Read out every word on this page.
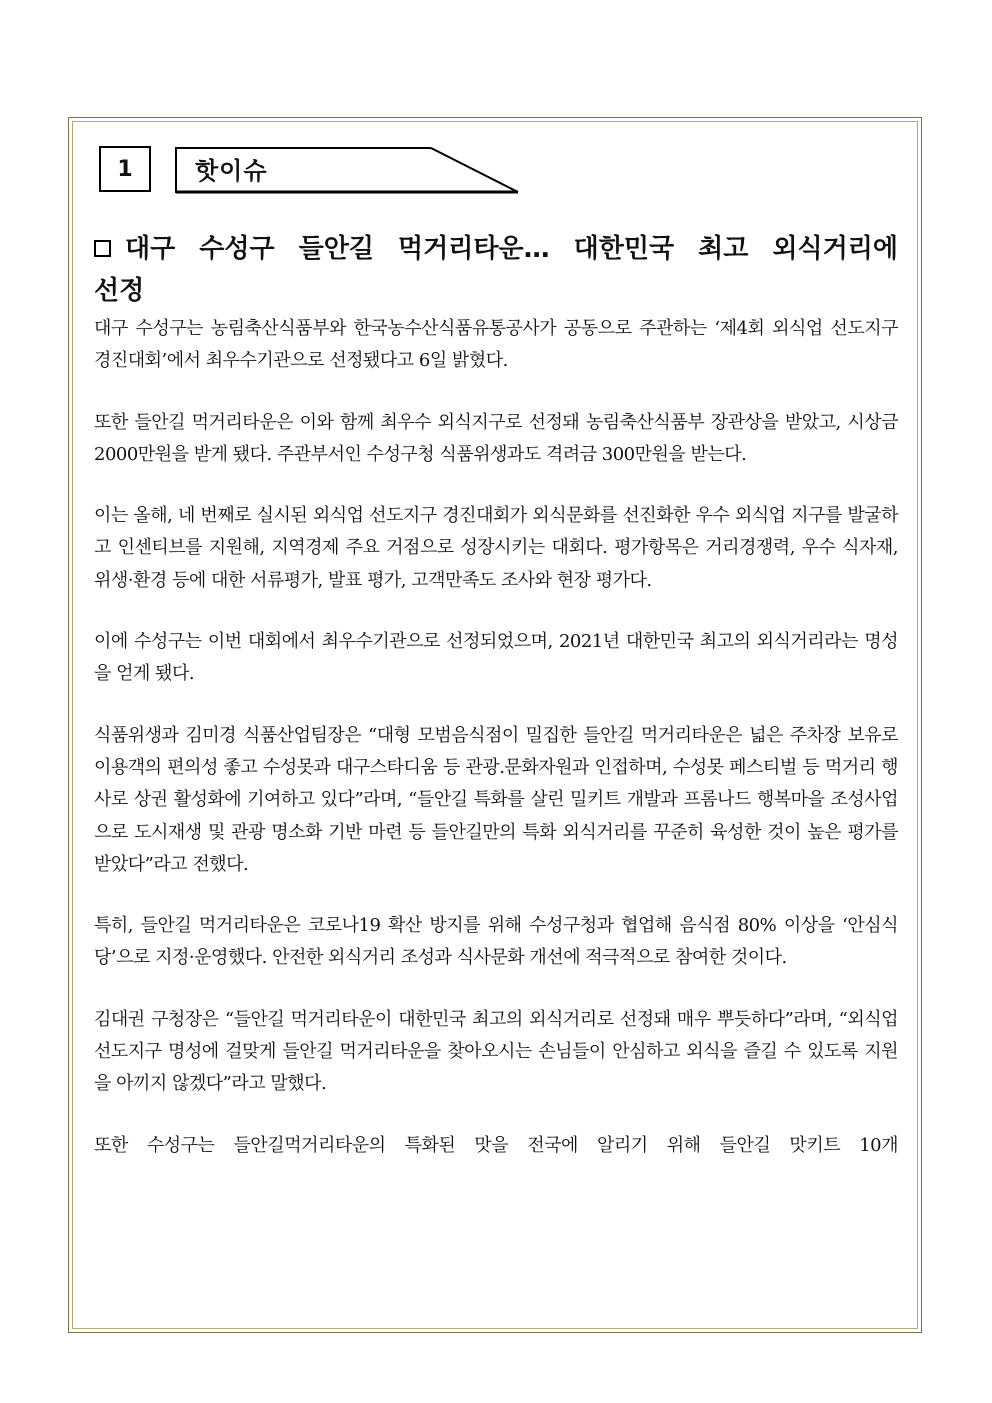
1	핫이슈

대구 수성구 들안길 먹거리타운… 대한민국 최고 외식거리에 선정

대구 수성구는 농림축산식품부와 한국농수산식품유통공사가 공동으로 주관하는 ‘제4회 외식업 선도지구 경진대회’에서 최우수기관으로 선정됐다고 6일 밝혔다.

또한 들안길 먹거리타운은 이와 함께 최우수 외식지구로 선정돼 농림축산식품부 장관상을 받았고, 시상금 2000만원을 받게 됐다. 주관부서인 수성구청 식품위생과도 격려금 300만원을 받는다.

이는 올해, 네 번째로 실시된 외식업 선도지구 경진대회가 외식문화를 선진화한 우수 외식업 지구를 발굴하고 인센티브를 지원해, 지역경제 주요 거점으로 성장시키는 대회다. 평가항목은 거리경쟁력, 우수 식자재, 위생·환경 등에 대한 서류평가, 발표 평가, 고객만족도 조사와 현장 평가다.

이에 수성구는 이번 대회에서 최우수기관으로 선정되었으며, 2021년 대한민국 최고의 외식거리라는 명성을 얻게 됐다.

식품위생과 김미경 식품산업팀장은 “대형 모범음식점이 밀집한 들안길 먹거리타운은 넓은 주차장 보유로 이용객의 편의성 좋고 수성못과 대구스타디움 등 관광.문화자원과 인접하며, 수성못 페스티벌 등 먹거리 행사로 상권 활성화에 기여하고 있다”라며, “들안길 특화를 살린 밀키트 개발과 프롬나드 행복마을 조성사업으로 도시재생 및 관광 명소화 기반 마련 등 들안길만의 특화 외식거리를 꾸준히 육성한 것이 높은 평가를 받았다”라고 전했다.

특히, 들안길 먹거리타운은 코로나19 확산 방지를 위해 수성구청과 협업해 음식점 80% 이상을 ‘안심식당’으로 지정·운영했다. 안전한 외식거리 조성과 식사문화 개선에 적극적으로 참여한 것이다.

김대권 구청장은 “들안길 먹거리타운이 대한민국 최고의 외식거리로 선정돼 매우 뿌듯하다”라며, “외식업 선도지구 명성에 걸맞게 들안길 먹거리타운을 찾아오시는 손님들이 안심하고 외식을 즐길 수 있도록 지원을 아끼지 않겠다”라고 말했다.

또한 수성구는 들안길먹거리타운의 특화된 맛을 전국에 알리기 위해 들안길 맛키트 10개
